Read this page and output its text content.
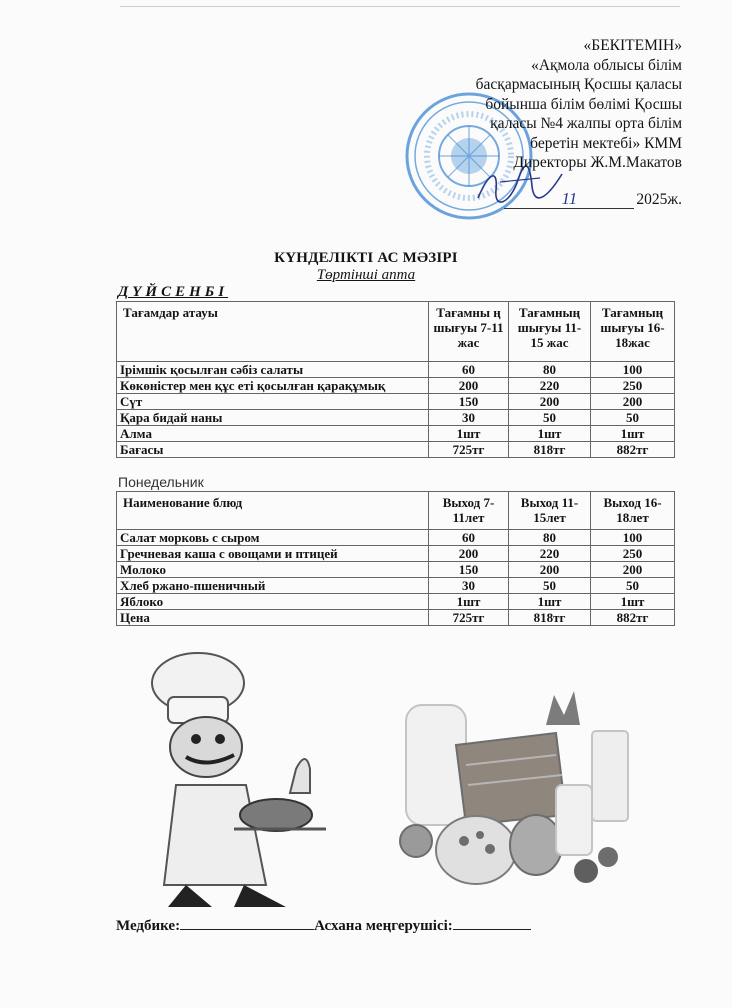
«БЕКІТЕМІН»
«Ақмола облысы білім
басқармасының Қосшы қаласы
бойынша білім бөлімі Қосшы
қаласы №4 жалпы орта білім
беретін мектебі» КММ
Директоры Ж.М.Макатов
11	2025ж.
КҮНДЕЛІКТІ АС МӘЗІРІ
Төртінші апта
ДҮЙСЕНБІ
Тағамдар атауы	Тағамны ң шығуы 7-11 жас	Тағамның шығуы 11-15 жас	Тағамның шығуы 16-18жас
Ірімшік қосылған сәбіз салаты	60	80	100
Көкөністер мен құс еті қосылған қарақұмық	200	220	250
Сүт	150	200	200
Қара бидай наны	30	50	50
Алма	1шт	1шт	1шт
Бағасы	725тг	818тг	882тг
Понедельник
Наименование блюд	Выход 7-11лет	Выход 11-15лет	Выход 16-18лет
Салат морковь с сыром	60	80	100
Гречневая каша с овощами и птицей	200	220	250
Молоко	150	200	200
Хлеб ржано-пшеничный	30	50	50
Яблоко	1шт	1шт	1шт
Цена	725тг	818тг	882тг
Медбике:	Асхана меңгерушісі:
